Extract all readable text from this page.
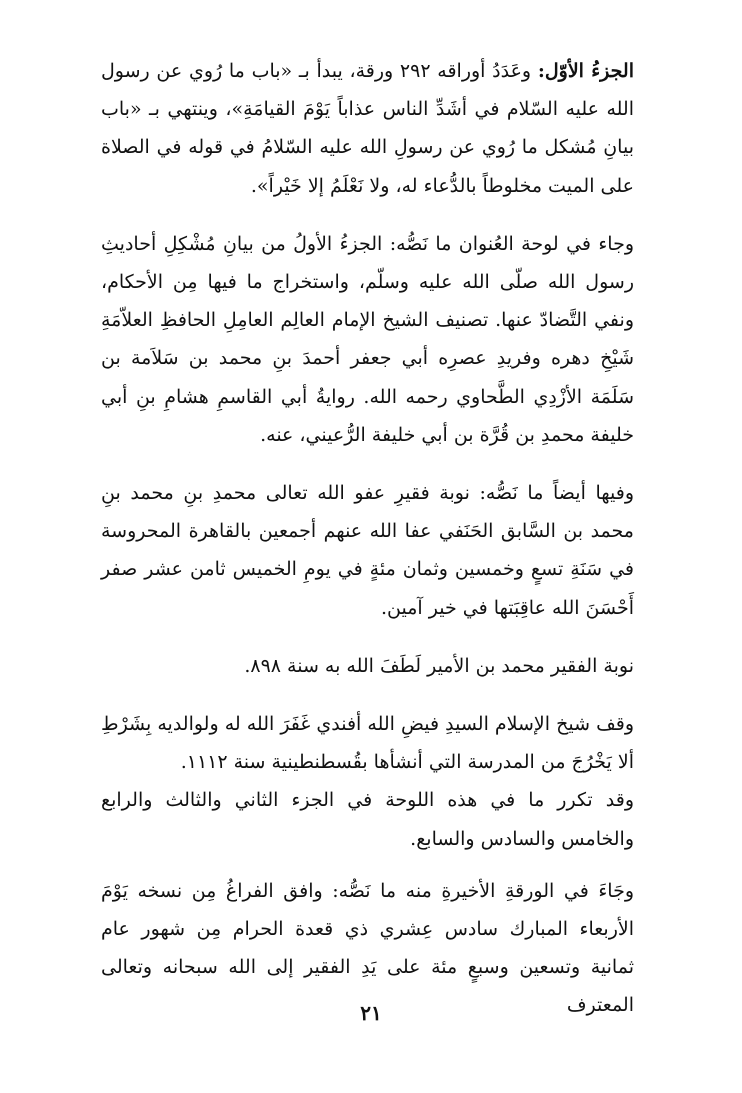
الجزءُ الأوّل: وعَدَدُ أوراقه ٢٩٢ ورقة، يبدأ بـ «باب ما رُوي عن رسول الله عليه السّلام في أشَدِّ الناس عذاباً يَوْمَ القيامَةِ»، وينتهي بـ «باب بيانِ مُشكل ما رُوي عن رسولِ الله عليه السّلامُ في قوله في الصلاة على الميت مخلوطاً بالدُّعاء له، ولا نَعْلَمُ إلا خَيْراً».

وجاء في لوحة العُنوان ما نَصُّه: الجزءُ الأولُ من بيانِ مُشْكِلِ أحاديثِ رسول الله صلّى الله عليه وسلّم، واستخراج ما فيها مِن الأحكام، ونفي التَّضادّ عنها. تصنيف الشيخ الإمام العالِم العامِلِ الحافظِ العلاّمَةِ شَيْخِ دهره وفريدِ عصرِه أبي جعفر أحمدَ بنِ محمد بن سَلاَمة بن سَلَمَة الأزْدِي الطَّحاوي رحمه الله. روايةُ أبي القاسمِ هشامِ بنِ أبي خليفة محمدِ بن قُرَّة بن أبي خليفة الرُّعيني، عنه.

وفيها أيضاً ما نَصُّه: نوبة فقيرِ عفو الله تعالى محمدِ بنِ محمد بنِ محمد بن السَّابق الحَنَفي عفا الله عنهم أجمعين بالقاهرة المحروسة في سَنَةِ تسعٍ وخمسين وثمان مئةٍ في يومِ الخميس ثامن عشر صفر أَحْسَنَ الله عاقِبَتها في خير آمين.

نوبة الفقير محمد بن الأمير لَطَفَ الله به سنة ٨٩٨.

وقف شيخ الإسلام السيدِ فيضِ الله أفندي غَفَرَ الله له ولوالديه بِشَرْطِ ألا يَخْرُجَ من المدرسة التي أنشأها بقُسطنطينية سنة ١١١٢.

وقد تكرر ما في هذه اللوحة في الجزء الثاني والثالث والرابع والخامس والسادس والسابع.

وجَاءَ في الورقةِ الأخيرةِ منه ما نَصُّه: وافق الفراغُ مِن نسخه يَوْمَ الأربعاء المبارك سادس عِشري ذي قعدة الحرام مِن شهور عام ثمانية وتسعين وسبعٍ مئة على يَدِ الفقير إلى الله سبحانه وتعالى المعترف

٢١
